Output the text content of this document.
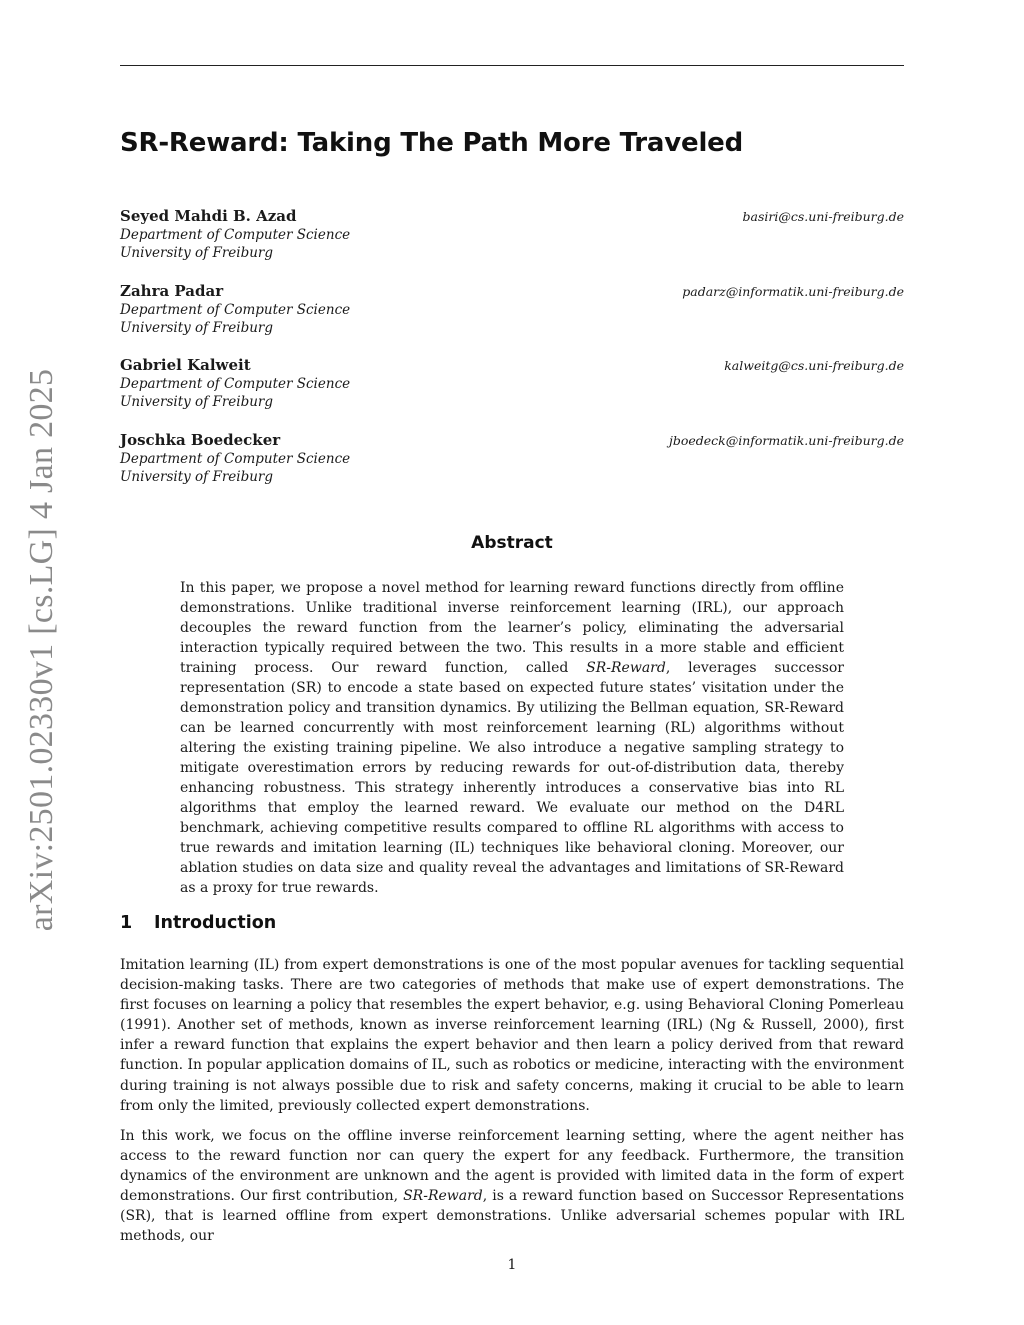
arXiv:2501.02330v1 [cs.LG] 4 Jan 2025
SR-Reward: Taking The Path More Traveled
Seyed Mahdi B. Azad
Department of Computer Science
University of Freiburg
basiri@cs.uni-freiburg.de
Zahra Padar
Department of Computer Science
University of Freiburg
padarz@informatik.uni-freiburg.de
Gabriel Kalweit
Department of Computer Science
University of Freiburg
kalweitg@cs.uni-freiburg.de
Joschka Boedecker
Department of Computer Science
University of Freiburg
jboedeck@informatik.uni-freiburg.de
Abstract
In this paper, we propose a novel method for learning reward functions directly from offline demonstrations. Unlike traditional inverse reinforcement learning (IRL), our approach decouples the reward function from the learner’s policy, eliminating the adversarial interaction typically required between the two. This results in a more stable and efficient training process. Our reward function, called SR-Reward, leverages successor representation (SR) to encode a state based on expected future states’ visitation under the demonstration policy and transition dynamics. By utilizing the Bellman equation, SR-Reward can be learned concurrently with most reinforcement learning (RL) algorithms without altering the existing training pipeline. We also introduce a negative sampling strategy to mitigate overestimation errors by reducing rewards for out-of-distribution data, thereby enhancing robustness. This strategy inherently introduces a conservative bias into RL algorithms that employ the learned reward. We evaluate our method on the D4RL benchmark, achieving competitive results compared to offline RL algorithms with access to true rewards and imitation learning (IL) techniques like behavioral cloning. Moreover, our ablation studies on data size and quality reveal the advantages and limitations of SR-Reward as a proxy for true rewards.
1 Introduction
Imitation learning (IL) from expert demonstrations is one of the most popular avenues for tackling sequential decision-making tasks. There are two categories of methods that make use of expert demonstrations. The first focuses on learning a policy that resembles the expert behavior, e.g. using Behavioral Cloning Pomerleau (1991). Another set of methods, known as inverse reinforcement learning (IRL) (Ng & Russell, 2000), first infer a reward function that explains the expert behavior and then learn a policy derived from that reward function. In popular application domains of IL, such as robotics or medicine, interacting with the environment during training is not always possible due to risk and safety concerns, making it crucial to be able to learn from only the limited, previously collected expert demonstrations.
In this work, we focus on the offline inverse reinforcement learning setting, where the agent neither has access to the reward function nor can query the expert for any feedback. Furthermore, the transition dynamics of the environment are unknown and the agent is provided with limited data in the form of expert demonstrations. Our first contribution, SR-Reward, is a reward function based on Successor Representations (SR), that is learned offline from expert demonstrations. Unlike adversarial schemes popular with IRL methods, our
1
